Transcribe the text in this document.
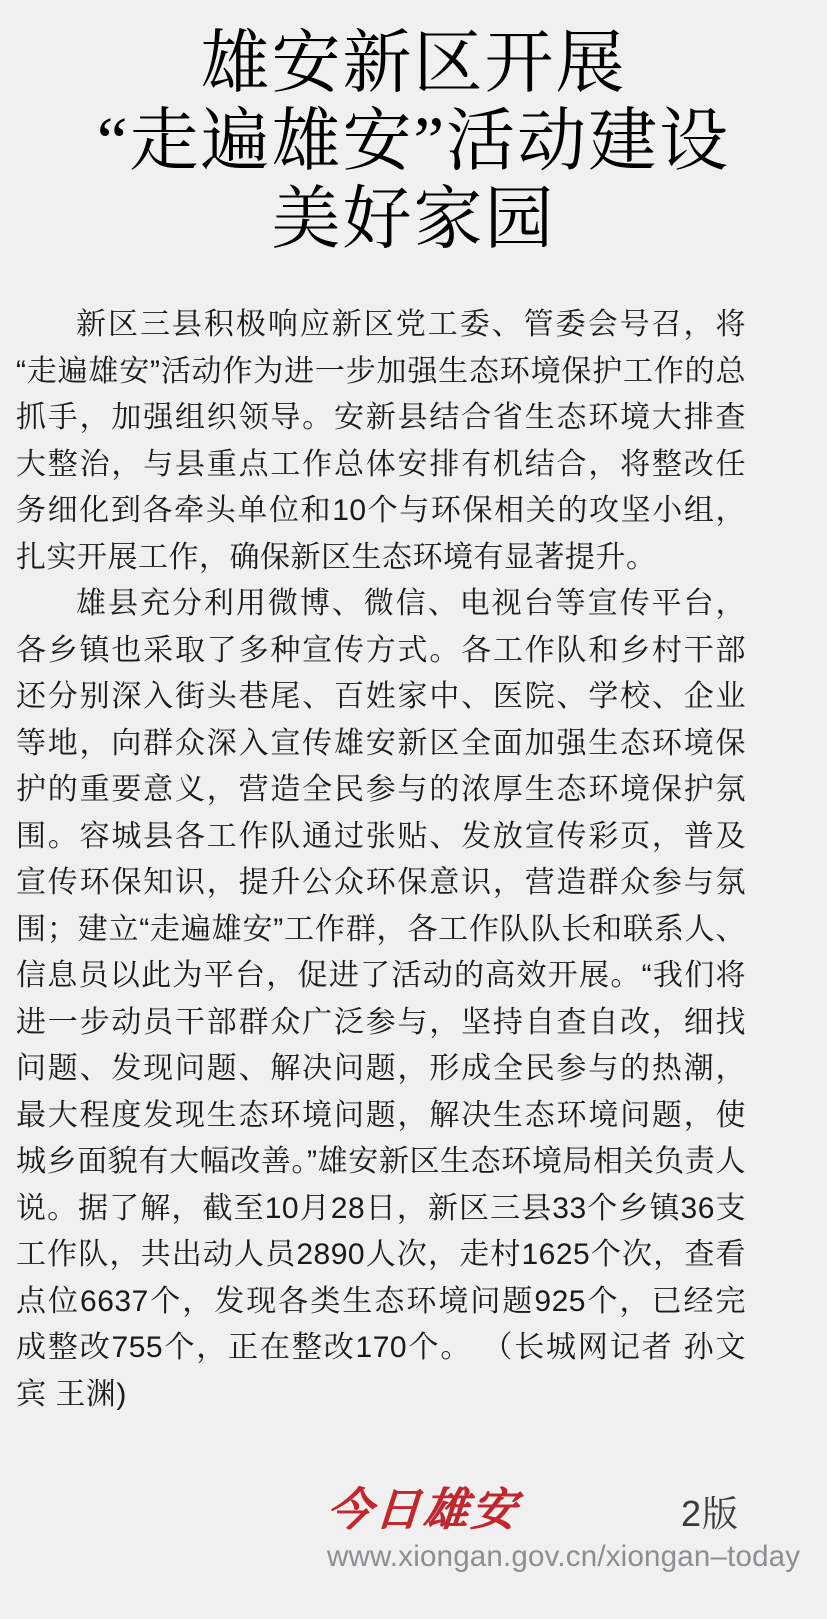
雄安新区开展
“走遍雄安”活动建设
美好家园

新区三县积极响应新区党工委、管委会号召，将“走遍雄安”活动作为进一步加强生态环境保护工作的总抓手，加强组织领导。安新县结合省生态环境大排查大整治，与县重点工作总体安排有机结合，将整改任务细化到各牵头单位和10个与环保相关的攻坚小组，扎实开展工作，确保新区生态环境有显著提升。

雄县充分利用微博、微信、电视台等宣传平台，各乡镇也采取了多种宣传方式。各工作队和乡村干部还分别深入街头巷尾、百姓家中、医院、学校、企业等地，向群众深入宣传雄安新区全面加强生态环境保护的重要意义，营造全民参与的浓厚生态环境保护氛围。容城县各工作队通过张贴、发放宣传彩页，普及宣传环保知识，提升公众环保意识，营造群众参与氛围；建立“走遍雄安”工作群，各工作队队长和联系人、信息员以此为平台，促进了活动的高效开展。“我们将进一步动员干部群众广泛参与，坚持自查自改，细找问题、发现问题、解决问题，形成全民参与的热潮，最大程度发现生态环境问题，解决生态环境问题，使城乡面貌有大幅改善。”雄安新区生态环境局相关负责人说。据了解，截至10月28日，新区三县33个乡镇36支工作队，共出动人员2890人次，走村1625个次，查看点位6637个，发现各类生态环境问题925个，已经完成整改755个，正在整改170个。 （长城网记者 孙文宾 王渊)

今日雄安	2版
www.xiongan.gov.cn/xiongan–today
